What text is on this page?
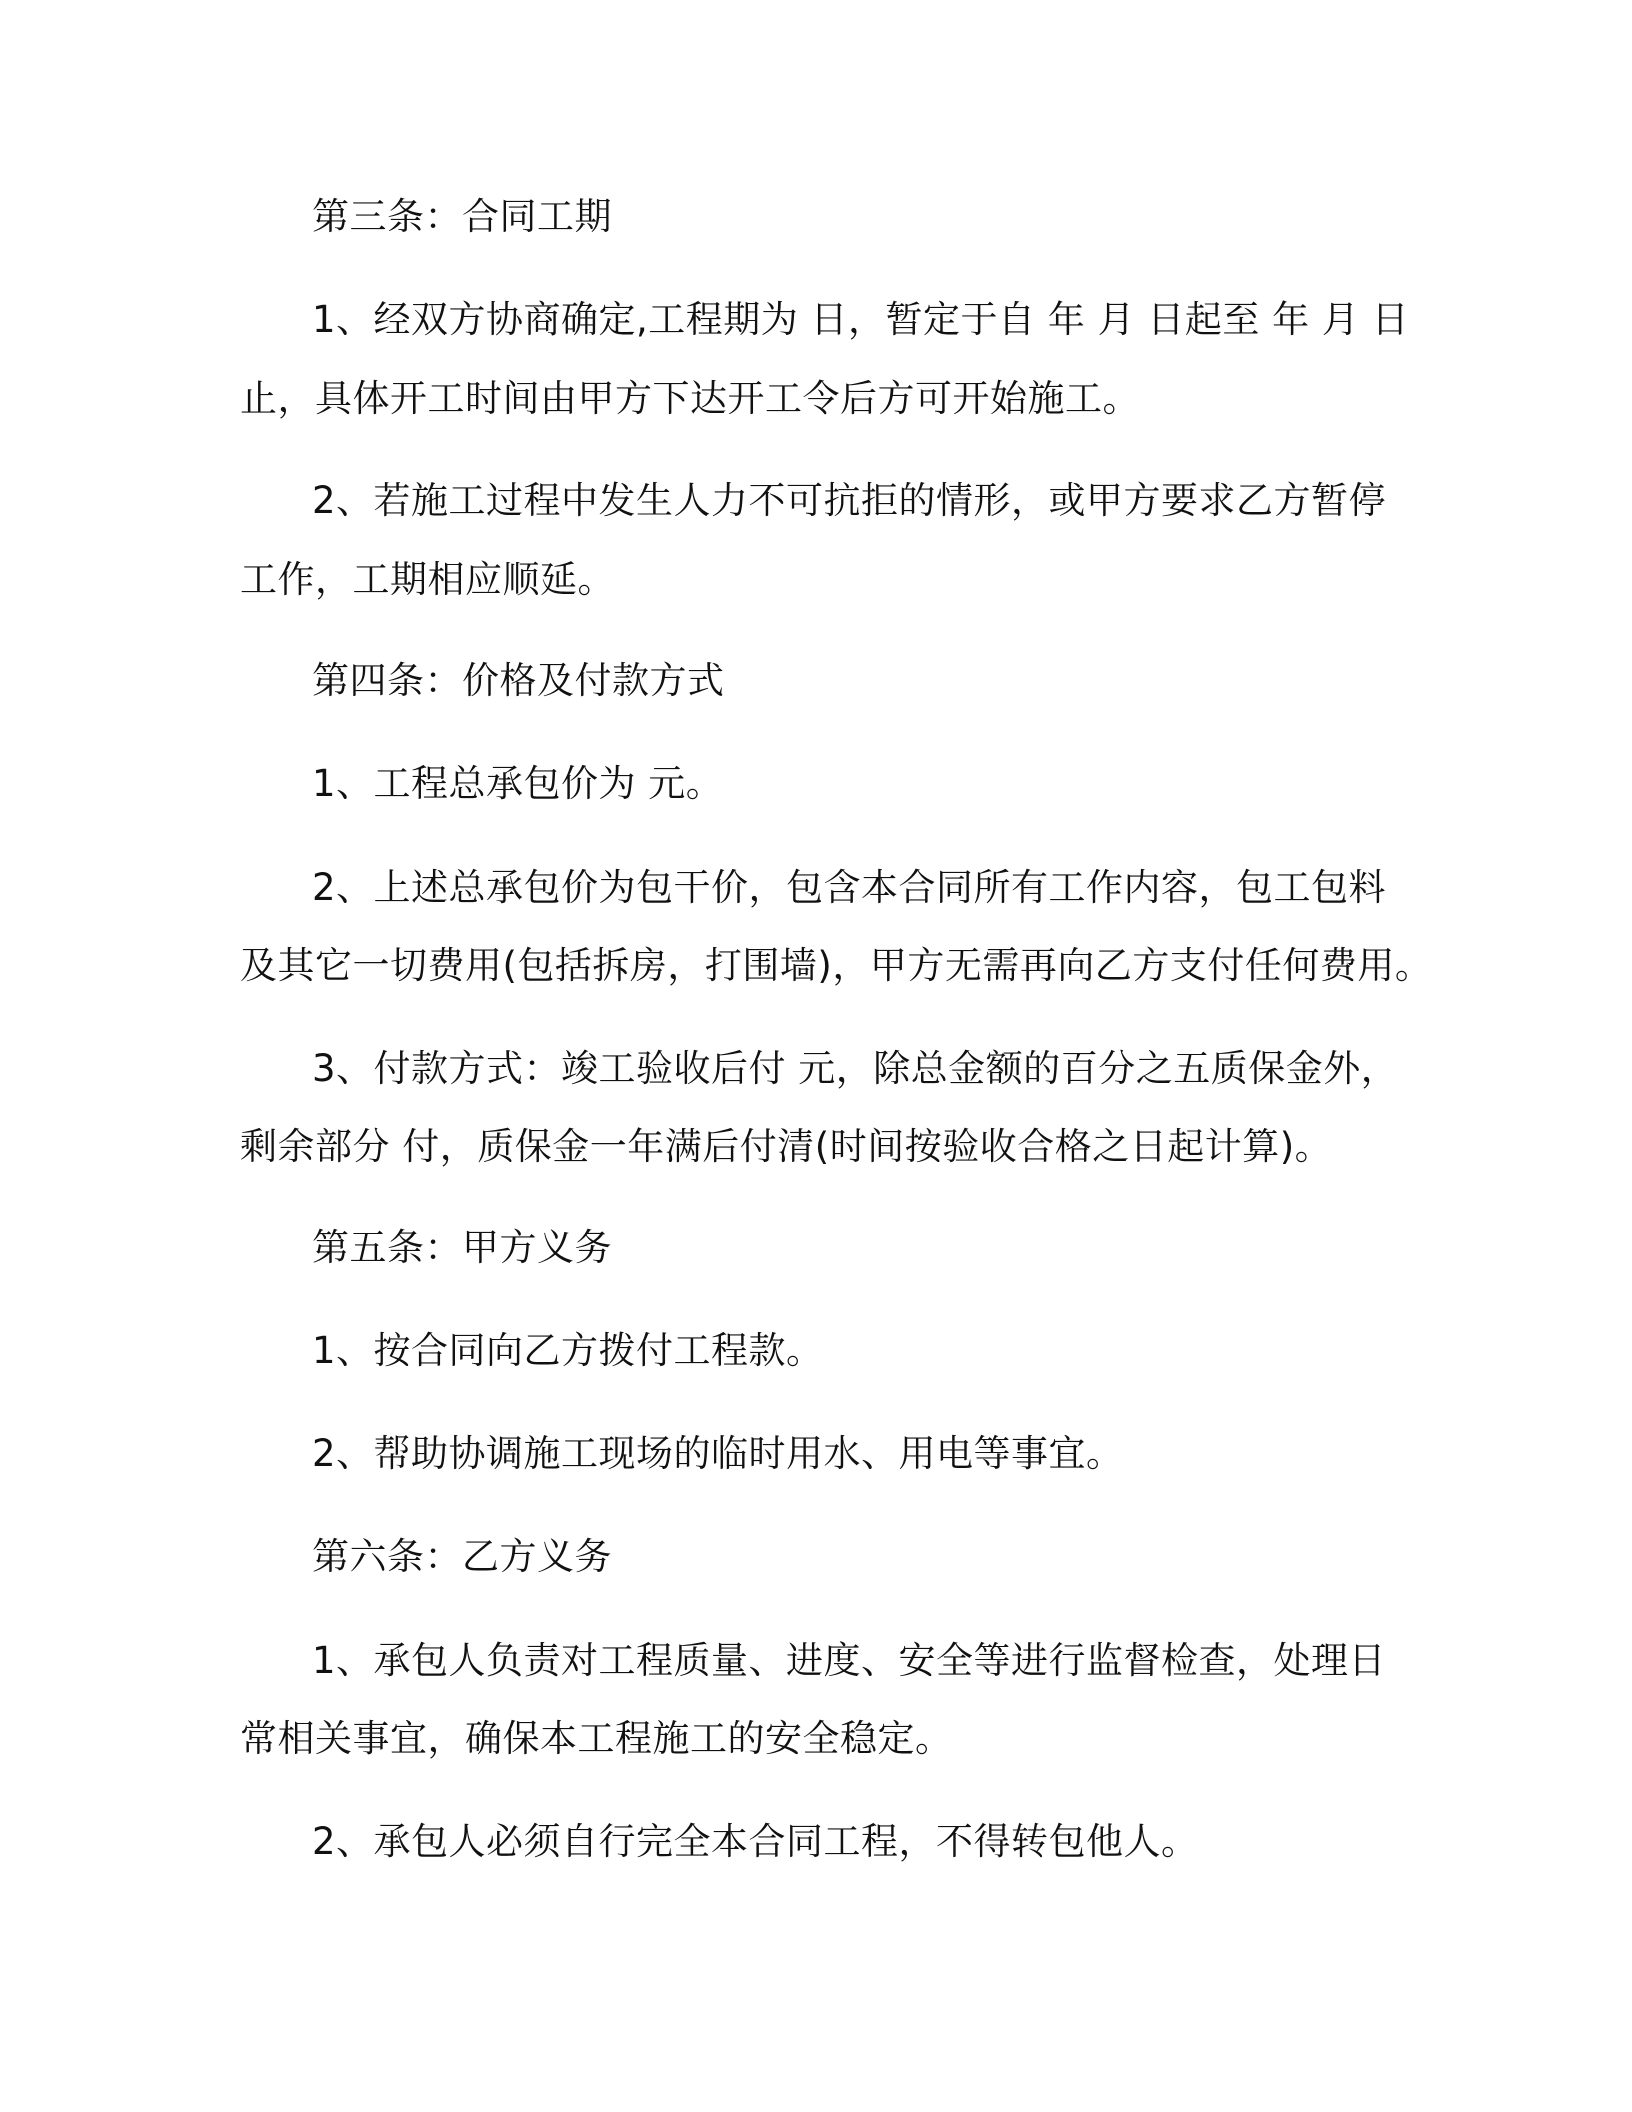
第三条：合同工期
1、经双方协商确定,工程期为 日，暂定于自 年 月 日起至 年 月 日
止，具体开工时间由甲方下达开工令后方可开始施工。
2、若施工过程中发生人力不可抗拒的情形，或甲方要求乙方暂停
工作，工期相应顺延。
第四条：价格及付款方式
1、工程总承包价为 元。
2、上述总承包价为包干价，包含本合同所有工作内容，包工包料
及其它一切费用(包括拆房，打围墙)，甲方无需再向乙方支付任何费用。
3、付款方式：竣工验收后付 元，除总金额的百分之五质保金外，
剩余部分 付，质保金一年满后付清(时间按验收合格之日起计算)。
第五条：甲方义务
1、按合同向乙方拨付工程款。
2、帮助协调施工现场的临时用水、用电等事宜。
第六条：乙方义务
1、承包人负责对工程质量、进度、安全等进行监督检查，处理日
常相关事宜，确保本工程施工的安全稳定。
2、承包人必须自行完全本合同工程，不得转包他人。
